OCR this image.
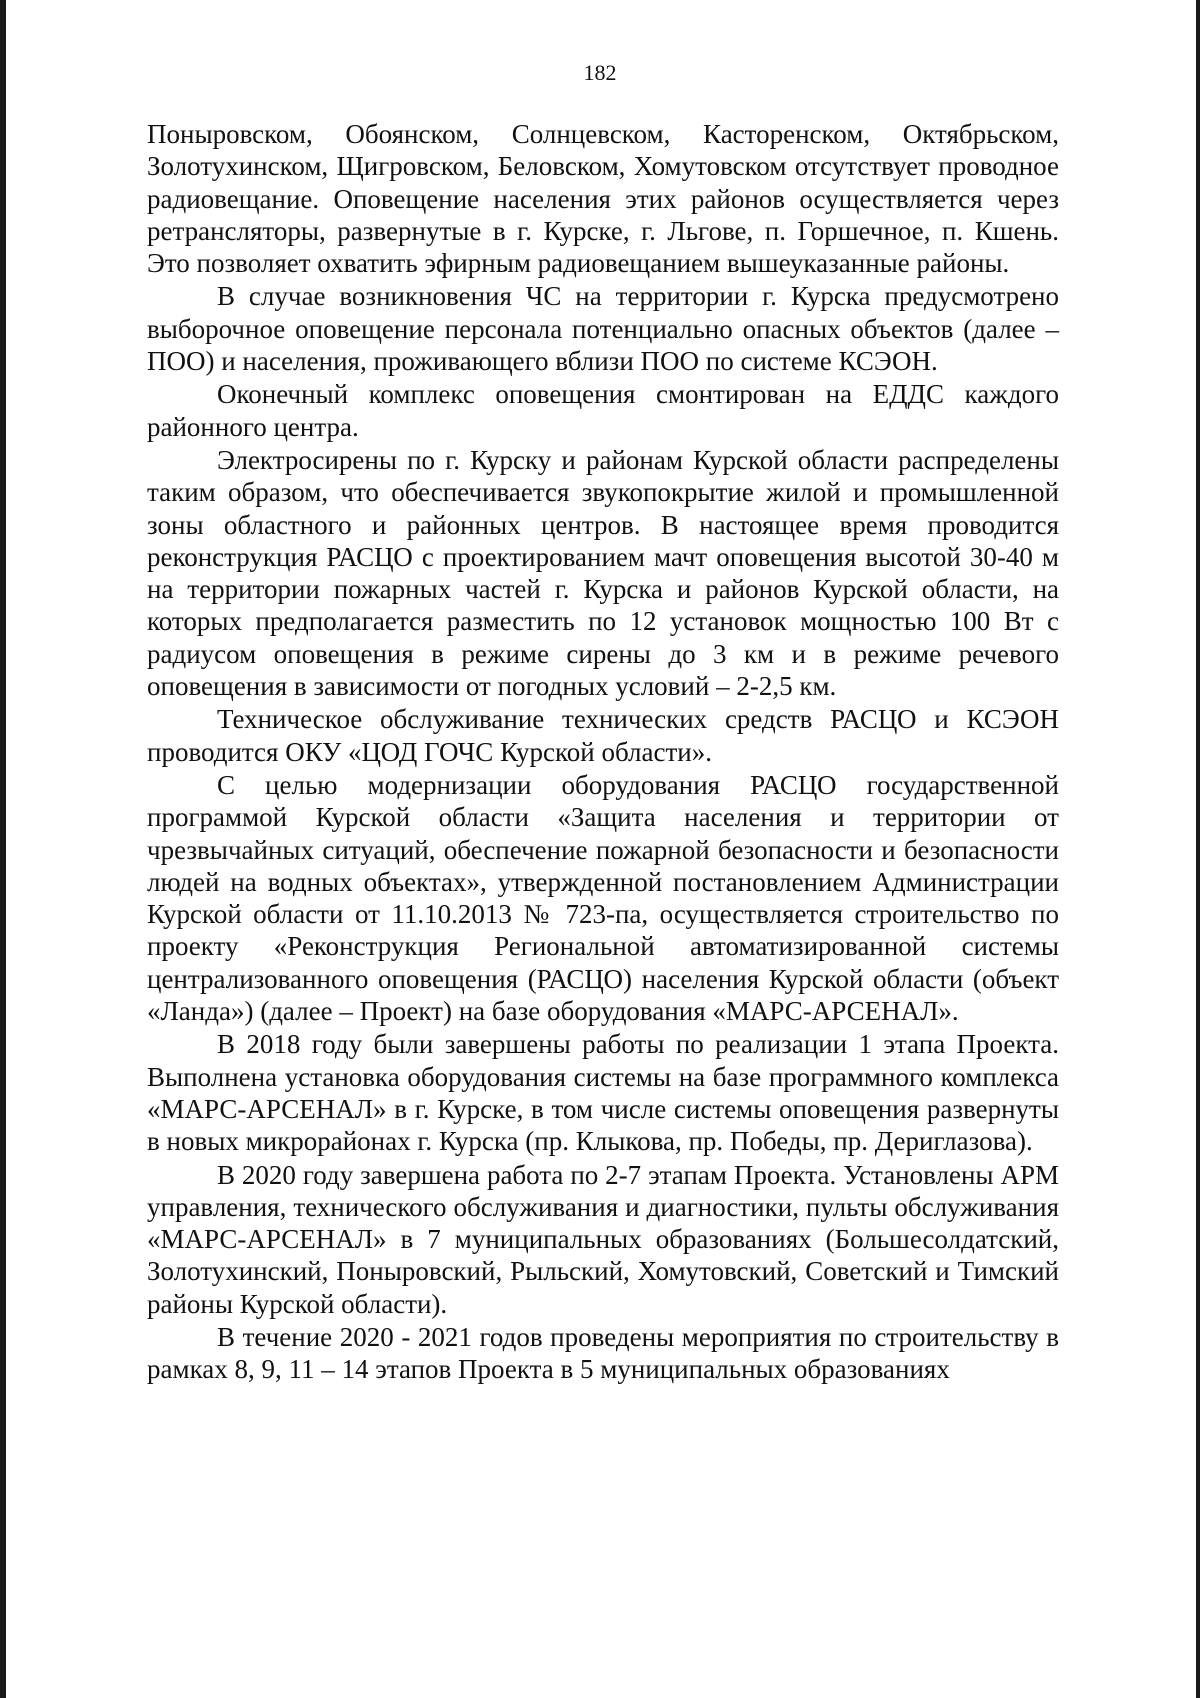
182

Поныровском, Обоянском, Солнцевском, Касторенском, Октябрьском, Золотухинском, Щигровском, Беловском, Хомутовском отсутствует проводное радиовещание. Оповещение населения этих районов осуществляется через ретрансляторы, развернутые в г. Курске, г. Льгове, п. Горшечное, п. Кшень. Это позволяет охватить эфирным радиовещанием вышеуказанные районы.

В случае возникновения ЧС на территории г. Курска предусмотрено выборочное оповещение персонала потенциально опасных объектов (далее – ПОО) и населения, проживающего вблизи ПОО по системе КСЭОН.

Оконечный комплекс оповещения смонтирован на ЕДДС каждого районного центра.

Электросирены по г. Курску и районам Курской области распределены таким образом, что обеспечивается звукопокрытие жилой и промышленной зоны областного и районных центров. В настоящее время проводится реконструкция РАСЦО с проектированием мачт оповещения высотой 30-40 м на территории пожарных частей г. Курска и районов Курской области, на которых предполагается разместить по 12 установок мощностью 100 Вт с радиусом оповещения в режиме сирены до 3 км и в режиме речевого оповещения в зависимости от погодных условий – 2-2,5 км.

Техническое обслуживание технических средств РАСЦО и КСЭОН проводится ОКУ «ЦОД ГОЧС Курской области».

С целью модернизации оборудования РАСЦО государственной программой Курской области «Защита населения и территории от чрезвычайных ситуаций, обеспечение пожарной безопасности и безопасности людей на водных объектах», утвержденной постановлением Администрации Курской области от 11.10.2013 № 723-па, осуществляется строительство по проекту «Реконструкция Региональной автоматизированной системы централизованного оповещения (РАСЦО) населения Курской области (объект «Ланда») (далее – Проект) на базе оборудования «МАРС-АРСЕНАЛ».

В 2018 году были завершены работы по реализации 1 этапа Проекта. Выполнена установка оборудования системы на базе программного комплекса «МАРС-АРСЕНАЛ» в г. Курске, в том числе системы оповещения развернуты в новых микрорайонах г. Курска (пр. Клыкова, пр. Победы, пр. Дериглазова).

В 2020 году завершена работа по 2-7 этапам Проекта. Установлены АРМ управления, технического обслуживания и диагностики, пульты обслуживания «МАРС-АРСЕНАЛ» в 7 муниципальных образованиях (Большесолдатский, Золотухинский, Поныровский, Рыльский, Хомутовский, Советский и Тимский районы Курской области).

В течение 2020 - 2021 годов проведены мероприятия по строительству в рамках 8, 9, 11 – 14 этапов Проекта в 5 муниципальных образованиях
